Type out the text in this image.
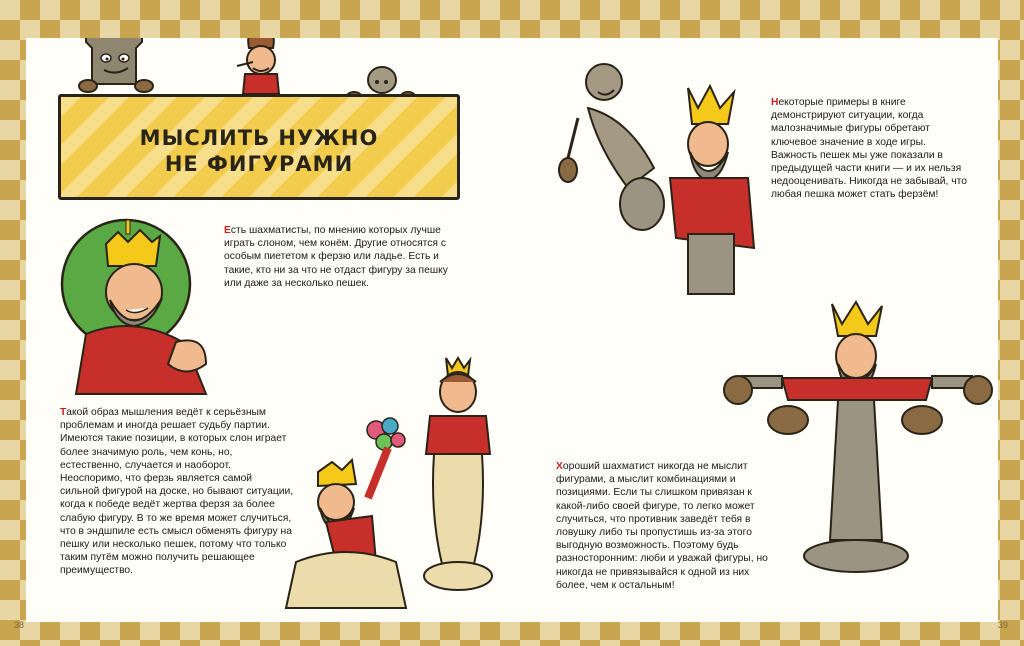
МЫСЛИТЬ НУЖНО
НЕ ФИГУРАМИ

Есть шахматисты, по мнению которых лучше играть слоном, чем конём. Другие относятся с особым пиететом к ферзю или ладье. Есть и такие, кто ни за что не отдаст фигуру за пешку или даже за несколько пешек.

Такой образ мышления ведёт к серьёзным проблемам и иногда решает судьбу партии. Имеются такие позиции, в которых слон играет более значимую роль, чем конь, но, естественно, случается и наоборот. Неоспоримо, что ферзь является самой сильной фигурой на доске, но бывают ситуации, когда к победе ведёт жертва ферзя за более слабую фигуру. В то же время может случиться, что в эндшпиле есть смысл обменять фигуру на пешку или несколько пешек, потому что только таким путём можно получить решающее преимущество.

Некоторые примеры в книге демонстрируют ситуации, когда малозначимые фигуры обретают ключевое значение в ходе игры. Важность пешек мы уже показали в предыдущей части книги — и их нельзя недооценивать. Никогда не забывай, что любая пешка может стать ферзём!

Хороший шахматист никогда не мыслит фигурами, а мыслит комбинациями и позициями. Если ты слишком привязан к какой-либо своей фигуре, то легко может случиться, что противник заведёт тебя в ловушку либо ты пропустишь из-за этого выгодную возможность. Поэтому будь разносторонним: люби и уважай фигуры, но никогда не привязывайся к одной из них более, чем к остальным!

38	39
